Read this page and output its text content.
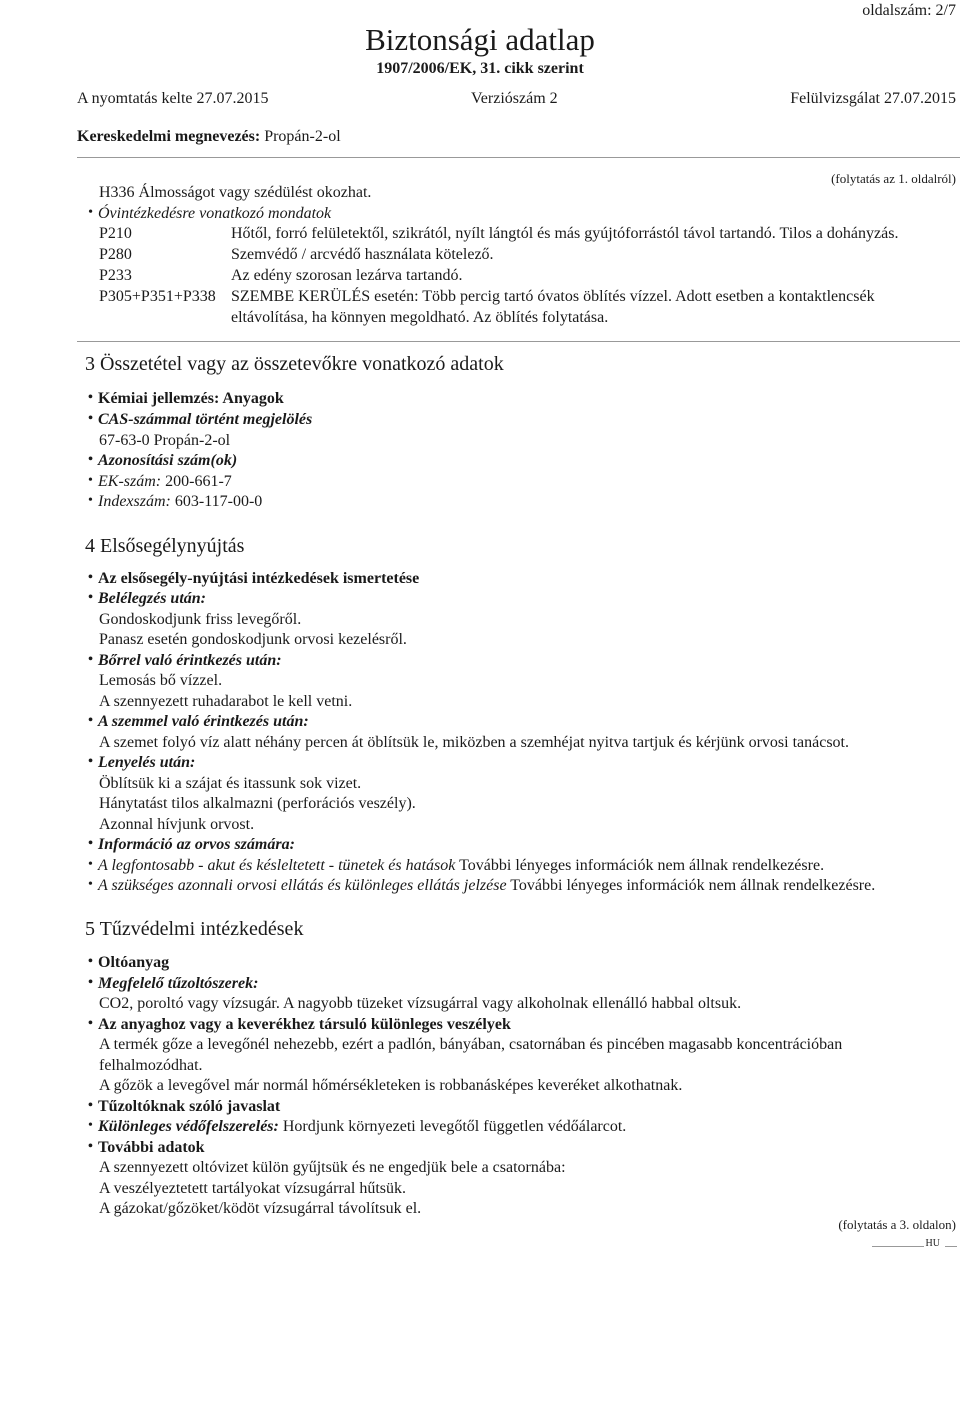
oldalszám: 2/7
Biztonsági adatlap
1907/2006/EK, 31. cikk szerint
A nyomtatás kelte 27.07.2015	Verziószám 2	Felülvizsgálat 27.07.2015
Kereskedelmi megnevezés: Propán-2-ol
(folytatás az 1. oldalról)
H336 Álmosságot vagy szédülést okozhat.
• Óvintézkedésre vonatkozó mondatok
P210	Hőtől, forró felületektől, szikrától, nyílt lángtól és más gyújtóforrástól távol tartandó. Tilos a dohányzás.
P280	Szemvédő / arcvédő használata kötelező.
P233	Az edény szorosan lezárva tartandó.
P305+P351+P338 SZEMBE KERÜLÉS esetén: Több percig tartó óvatos öblítés vízzel. Adott esetben a kontaktlencsék
eltávolítása, ha könnyen megoldható. Az öblítés folytatása.
3 Összetétel vagy az összetevőkre vonatkozó adatok
• Kémiai jellemzés: Anyagok
• CAS-számmal történt megjelölés
67-63-0 Propán-2-ol
• Azonosítási szám(ok)
• EK-szám: 200-661-7
• Indexszám: 603-117-00-0
4 Elsősegélynyújtás
• Az elsősegély-nyújtási intézkedések ismertetése
• Belélegzés után:
Gondoskodjunk friss levegőről.
Panasz esetén gondoskodjunk orvosi kezelésről.
• Bőrrel való érintkezés után:
Lemosás bő vízzel.
A szennyezett ruhadarabot le kell vetni.
• A szemmel való érintkezés után:
A szemet folyó víz alatt néhány percen át öblítsük le, miközben a szemhéjat nyitva tartjuk és kérjünk orvosi tanácsot.
• Lenyelés után:
Öblítsük ki a szájat és itassunk sok vizet.
Hánytatást tilos alkalmazni (perforációs veszély).
Azonnal hívjunk orvost.
• Információ az orvos számára:
• A legfontosabb - akut és késleltetett - tünetek és hatások További lényeges információk nem állnak rendelkezésre.
• A szükséges azonnali orvosi ellátás és különleges ellátás jelzése További lényeges információk nem állnak rendelkezésre.
5 Tűzvédelmi intézkedések
• Oltóanyag
• Megfelelő tűzoltószerek:
CO2, poroltó vagy vízsugár. A nagyobb tüzeket vízsugárral vagy alkoholnak ellenálló habbal oltsuk.
• Az anyaghoz vagy a keverékhez társuló különleges veszélyek
A termék gőze a levegőnél nehezebb, ezért a padlón, bányában, csatornában és pincében magasabb koncentrációban
felhalmozódhat.
A gőzök a levegővel már normál hőmérsékleteken is robbanásképes keveréket alkothatnak.
• Tűzoltóknak szóló javaslat
• Különleges védőfelszerelés: Hordjunk környezeti levegőtől független védőálarcot.
• További adatok
A szennyezett oltóvizet külön gyűjtsük és ne engedjük bele a csatornába:
A veszélyeztetett tartályokat vízsugárral hűtsük.
A gázokat/gőzöket/ködöt vízsugárral távolítsuk el.
(folytatás a 3. oldalon)
HU
